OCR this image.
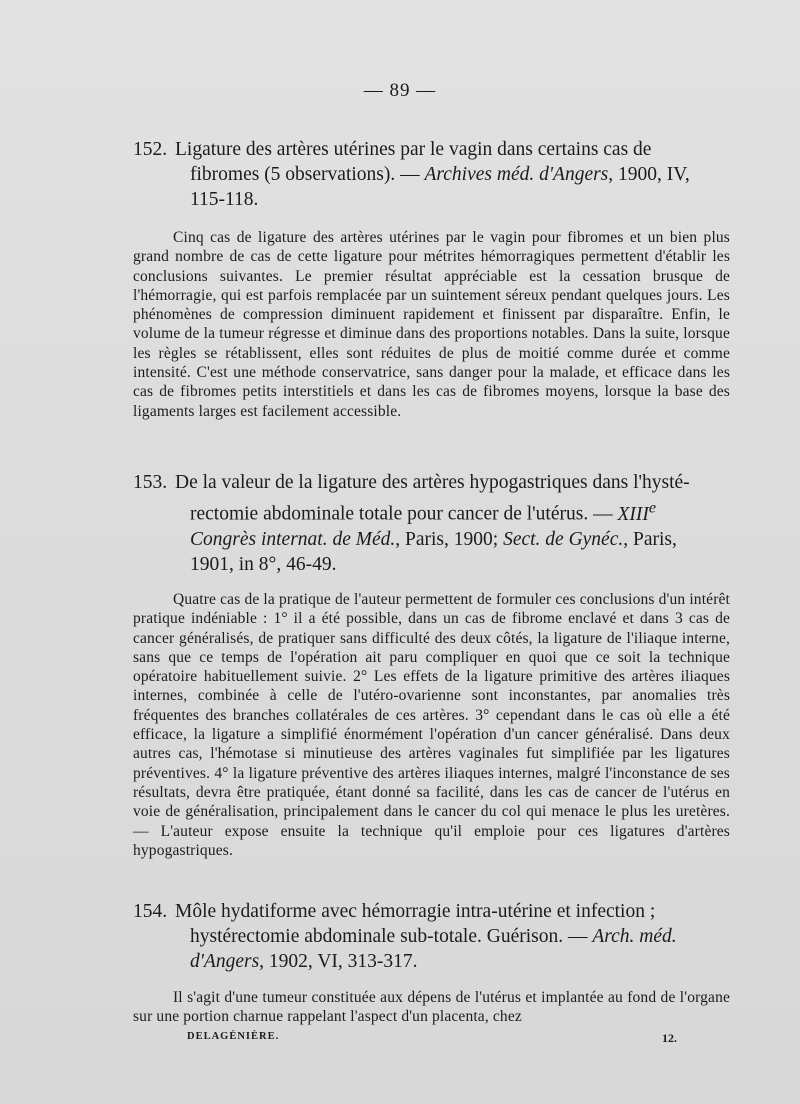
— 89 —
152. Ligature des artères utérines par le vagin dans certains cas de
fibromes (5 observations). — Archives méd. d'Angers, 1900, IV,
115-118.

Cinq cas de ligature des artères utérines par le vagin pour fibromes et un bien plus grand nombre de cas de cette ligature pour métrites hémorragiques permettent d'établir les conclusions suivantes. Le premier résultat appréciable est la cessation brusque de l'hémorragie, qui est parfois remplacée par un suintement séreux pendant quelques jours. Les phénomènes de compression diminuent rapidement et finissent par disparaître. Enfin, le volume de la tumeur régresse et diminue dans des proportions notables. Dans la suite, lorsque les règles se rétablissent, elles sont réduites de plus de moitié comme durée et comme intensité. C'est une méthode conservatrice, sans danger pour la malade, et efficace dans les cas de fibromes petits interstitiels et dans les cas de fibromes moyens, lorsque la base des ligaments larges est facilement accessible.

153. De la valeur de la ligature des artères hypogastriques dans l'hysté-
rectomie abdominale totale pour cancer de l'utérus. — XIIIe
Congrès internat. de Méd., Paris, 1900; Sect. de Gynéc., Paris,
1901, in 8°, 46-49.

Quatre cas de la pratique de l'auteur permettent de formuler ces conclusions d'un intérêt pratique indéniable : 1° il a été possible, dans un cas de fibrome enclavé et dans 3 cas de cancer généralisés, de pratiquer sans difficulté des deux côtés, la ligature de l'iliaque interne, sans que ce temps de l'opération ait paru compliquer en quoi que ce soit la technique opératoire habituellement suivie. 2° Les effets de la ligature primitive des artères iliaques internes, combinée à celle de l'utéro-ovarienne sont inconstantes, par anomalies très fréquentes des branches collatérales de ces artères. 3° cependant dans le cas où elle a été efficace, la ligature a simplifié énormément l'opération d'un cancer généralisé. Dans deux autres cas, l'hémotase si minutieuse des artères vaginales fut simplifiée par les ligatures préventives. 4° la ligature préventive des artères iliaques internes, malgré l'inconstance de ses résultats, devra être pratiquée, étant donné sa facilité, dans les cas de cancer de l'utérus en voie de généralisation, principalement dans le cancer du col qui menace le plus les uretères. — L'auteur expose ensuite la technique qu'il emploie pour ces ligatures d'artères hypogastriques.

154. Môle hydatiforme avec hémorragie intra-utérine et infection ;
hystérectomie abdominale sub-totale. Guérison. — Arch. méd.
d'Angers, 1902, VI, 313-317.

Il s'agit d'une tumeur constituée aux dépens de l'utérus et implantée au fond de l'organe sur une portion charnue rappelant l'aspect d'un placenta, chez

DELAGÉNIÈRE.	12.
